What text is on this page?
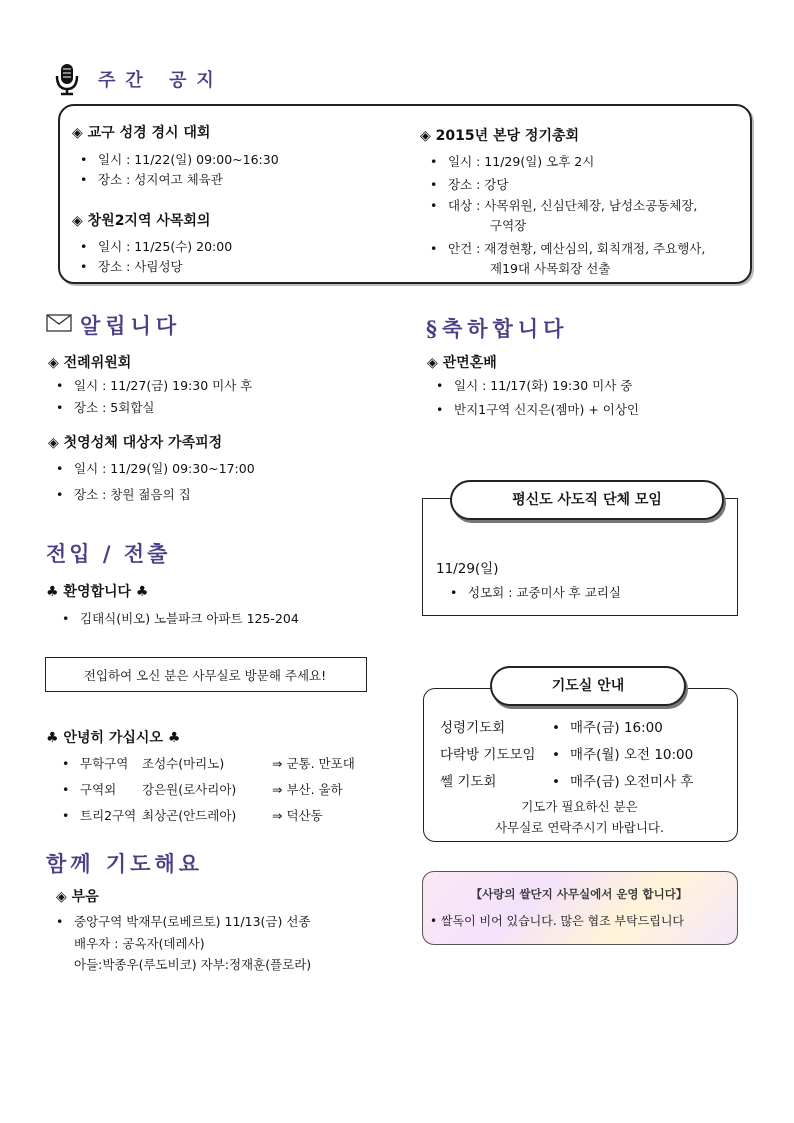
주간 공지
◈ 교구 성경 경시 대회
• 일시 : 11/22(일) 09:00~16:30
• 장소 : 성지여고 체육관
◈ 창원2지역 사목회의
• 일시 : 11/25(수) 20:00
• 장소 : 사림성당
◈ 2015년 본당 정기총회
• 일시 : 11/29(일) 오후 2시
• 장소 : 강당
• 대상 : 사목위원, 신심단체장, 남성소공동체장,
구역장
• 안건 : 재경현황, 예산심의, 회칙개정, 주요행사,
제19대 사목회장 선출
알립니다
◈ 전례위원회
• 일시 : 11/27(금) 19:30 미사 후
• 장소 : 5회합실
◈ 첫영성체 대상자 가족피정
• 일시 : 11/29(일) 09:30~17:00
• 장소 : 창원 젊음의 집
§축하합니다
◈ 관면혼배
• 일시 : 11/17(화) 19:30 미사 중
• 반지1구역 신지은(젬마) + 이상인
평신도 사도직 단체 모임
11/29(일)
• 성모회 : 교중미사 후 교리실
전입 / 전출
♣ 환영합니다 ♣
• 김태식(비오) 노블파크 아파트 125-204
전입하여 오신 분은 사무실로 방문해 주세요!
♣ 안녕히 가십시오 ♣
• 무학구역 조성수(마리노)	⇒ 군통. 만포대
• 구역외 강은원(로사리아)	⇒ 부산. 울하
• 트리2구역 최상곤(안드레아)	⇒ 덕산동
기도실 안내
성령기도회	• 매주(금) 16:00
다락방 기도모임 • 매주(월) 오전 10:00
쎌 기도회	• 매주(금) 오전미사 후
기도가 필요하신 분은
사무실로 연락주시기 바랍니다.
함께 기도해요
◈ 부음
• 중앙구역 박재무(로베르토) 11/13(금) 선종
배우자 : 공옥자(데레사)
아들:박종우(루도비코) 자부:정재훈(플로라)
【사랑의 쌀단지 사무실에서 운영 합니다】
• 쌀독이 비어 있습니다. 많은 협조 부탁드립니다
